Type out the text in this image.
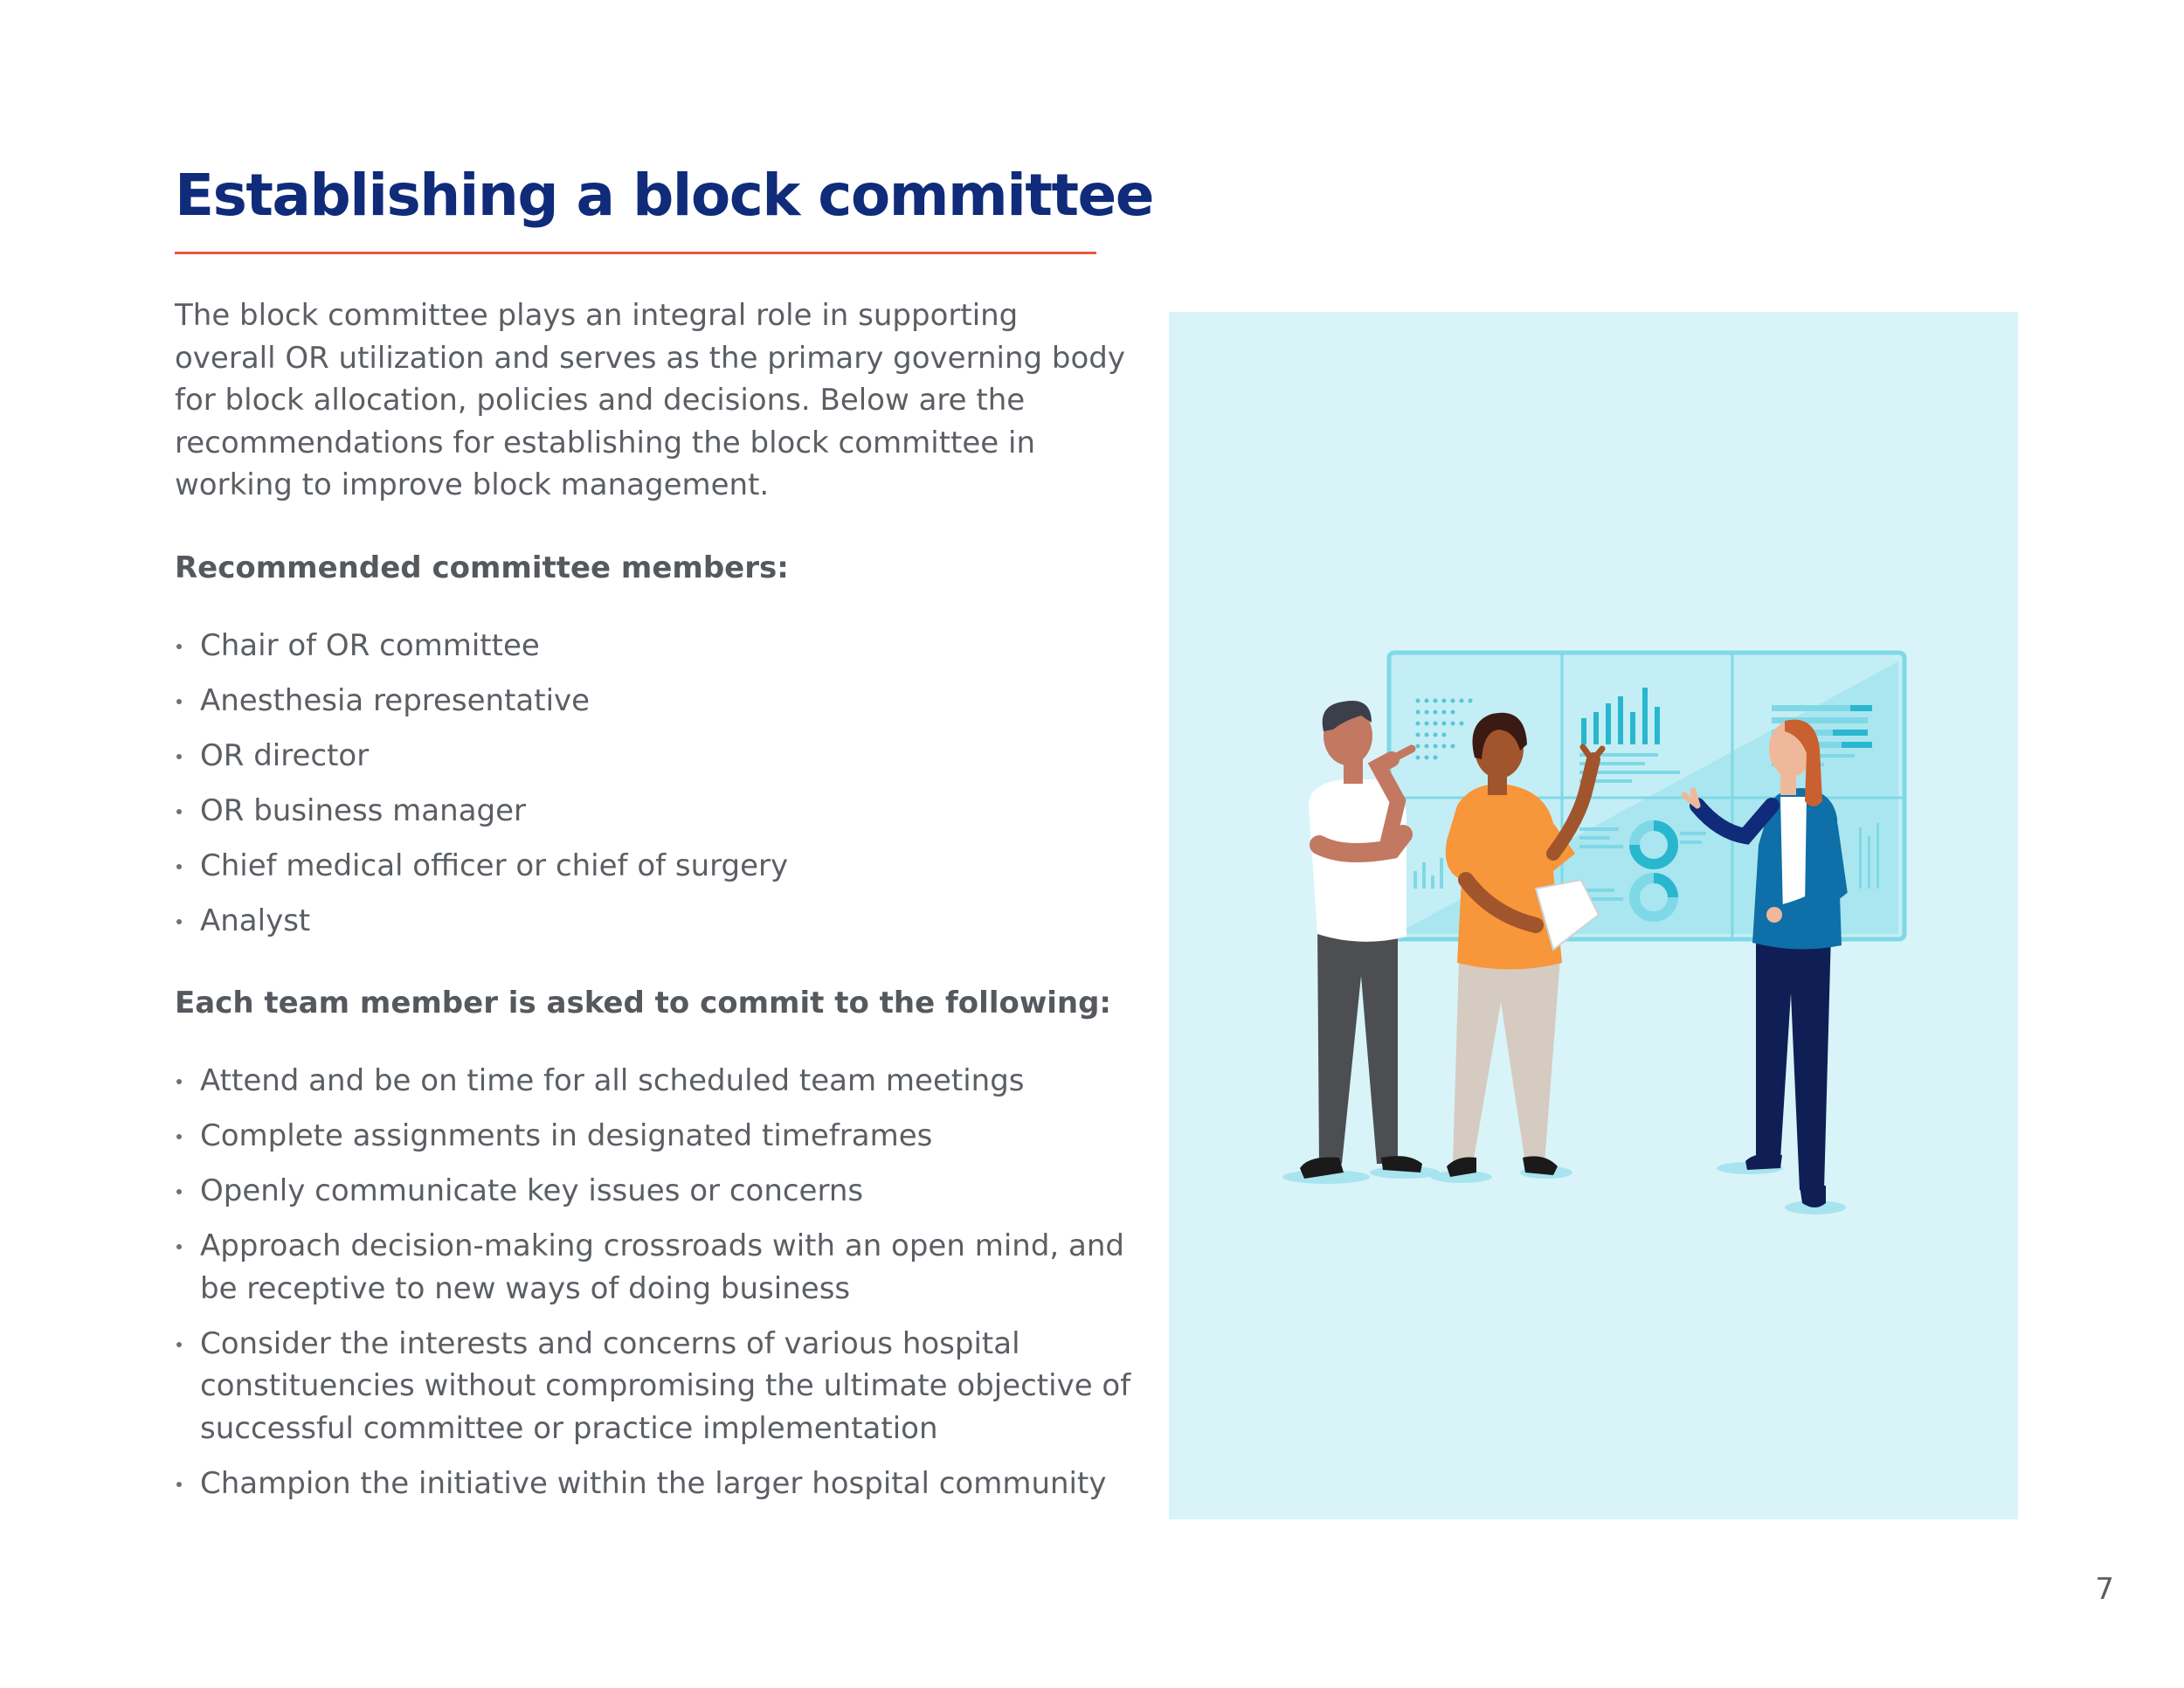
Establishing a block committee

The block committee plays an integral role in supporting overall OR utilization and serves as the primary governing body for block allocation, policies and decisions. Below are the recommendations for establishing the block committee in working to improve block management.

Recommended committee members:

Chair of OR committee
Anesthesia representative
OR director
OR business manager
Chief medical officer or chief of surgery
Analyst

Each team member is asked to commit to the following:

Attend and be on time for all scheduled team meetings
Complete assignments in designated timeframes
Openly communicate key issues or concerns
Approach decision-making crossroads with an open mind, and be receptive to new ways of doing business
Consider the interests and concerns of various hospital constituencies without compromising the ultimate objective of successful committee or practice implementation
Champion the initiative within the larger hospital community
7
